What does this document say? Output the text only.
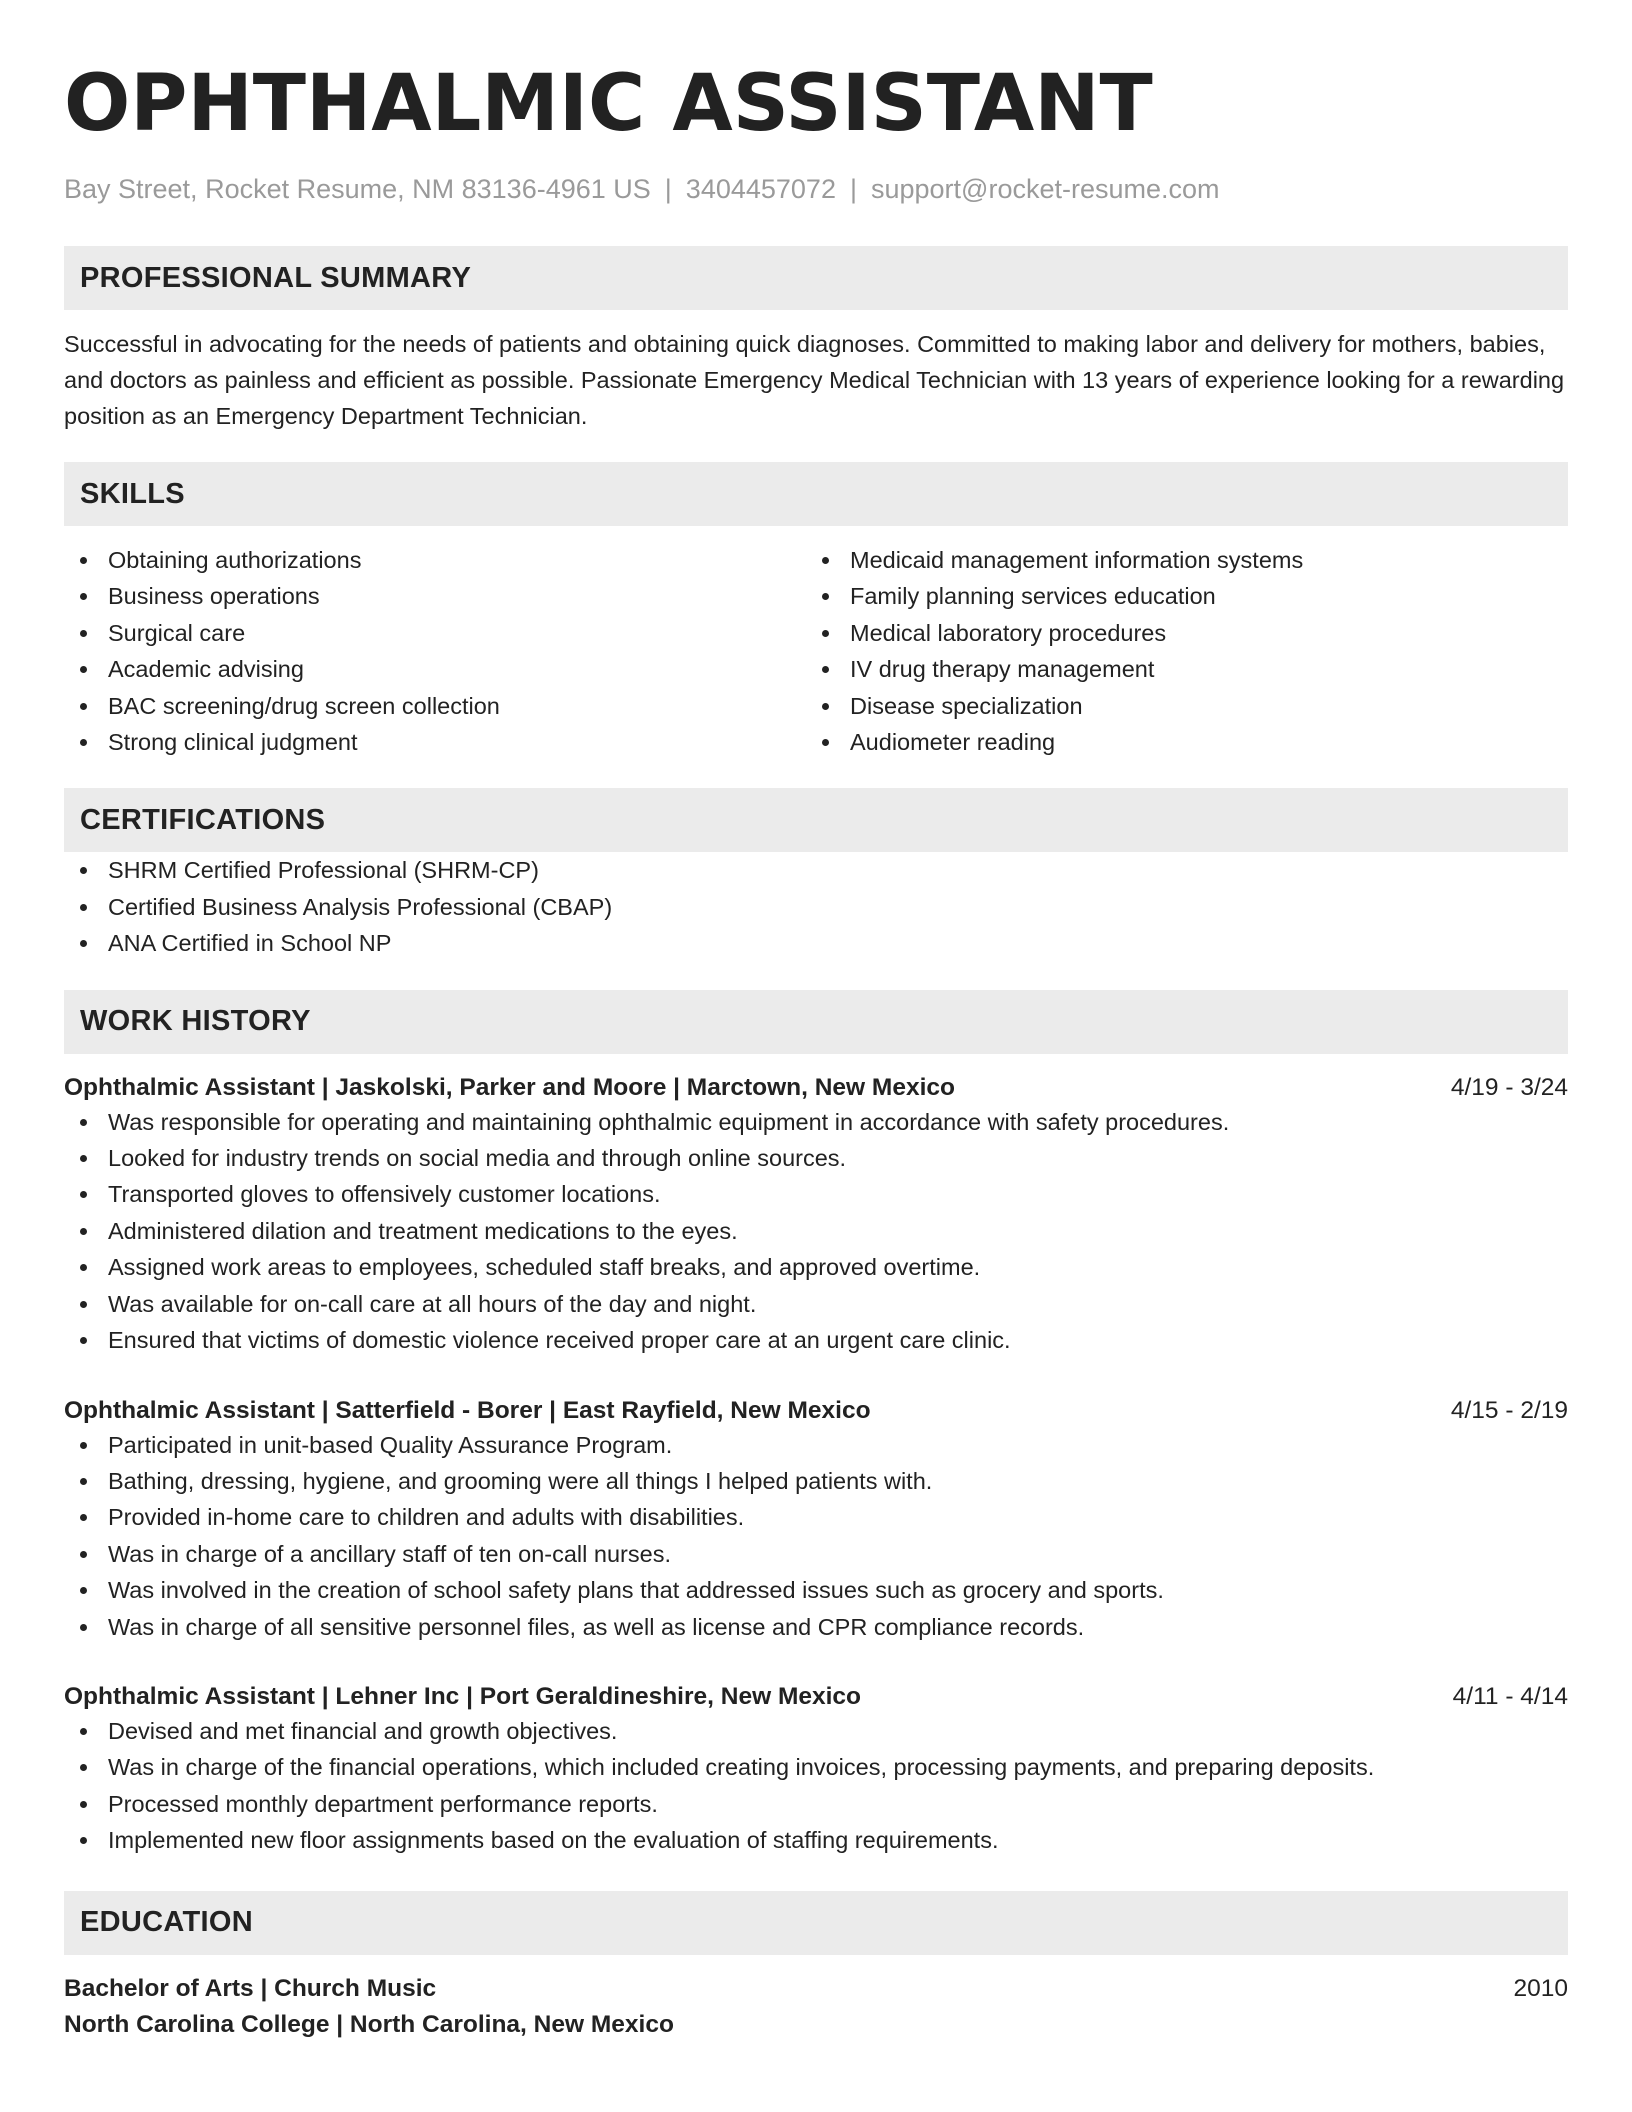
OPHTHALMIC ASSISTANT
Bay Street, Rocket Resume, NM 83136-4961 US | 3404457072 | support@rocket-resume.com
PROFESSIONAL SUMMARY

Successful in advocating for the needs of patients and obtaining quick diagnoses. Committed to making labor and delivery for mothers, babies, and doctors as painless and efficient as possible. Passionate Emergency Medical Technician with 13 years of experience looking for a rewarding position as an Emergency Department Technician.

SKILLS
Obtaining authorizations
Business operations
Surgical care
Academic advising
BAC screening/drug screen collection
Strong clinical judgment
Medicaid management information systems
Family planning services education
Medical laboratory procedures
IV drug therapy management
Disease specialization
Audiometer reading
CERTIFICATIONS
SHRM Certified Professional (SHRM-CP)
Certified Business Analysis Professional (CBAP)
ANA Certified in School NP
WORK HISTORY
Ophthalmic Assistant | Jaskolski, Parker and Moore | Marctown, New Mexico	4/19 - 3/24
Was responsible for operating and maintaining ophthalmic equipment in accordance with safety procedures.
Looked for industry trends on social media and through online sources.
Transported gloves to offensively customer locations.
Administered dilation and treatment medications to the eyes.
Assigned work areas to employees, scheduled staff breaks, and approved overtime.
Was available for on-call care at all hours of the day and night.
Ensured that victims of domestic violence received proper care at an urgent care clinic.
Ophthalmic Assistant | Satterfield - Borer | East Rayfield, New Mexico	4/15 - 2/19
Participated in unit-based Quality Assurance Program.
Bathing, dressing, hygiene, and grooming were all things I helped patients with.
Provided in-home care to children and adults with disabilities.
Was in charge of a ancillary staff of ten on-call nurses.
Was involved in the creation of school safety plans that addressed issues such as grocery and sports.
Was in charge of all sensitive personnel files, as well as license and CPR compliance records.
Ophthalmic Assistant | Lehner Inc | Port Geraldineshire, New Mexico	4/11 - 4/14
Devised and met financial and growth objectives.
Was in charge of the financial operations, which included creating invoices, processing payments, and preparing deposits.
Processed monthly department performance reports.
Implemented new floor assignments based on the evaluation of staffing requirements.
EDUCATION
Bachelor of Arts | Church Music	2010
North Carolina College | North Carolina, New Mexico
